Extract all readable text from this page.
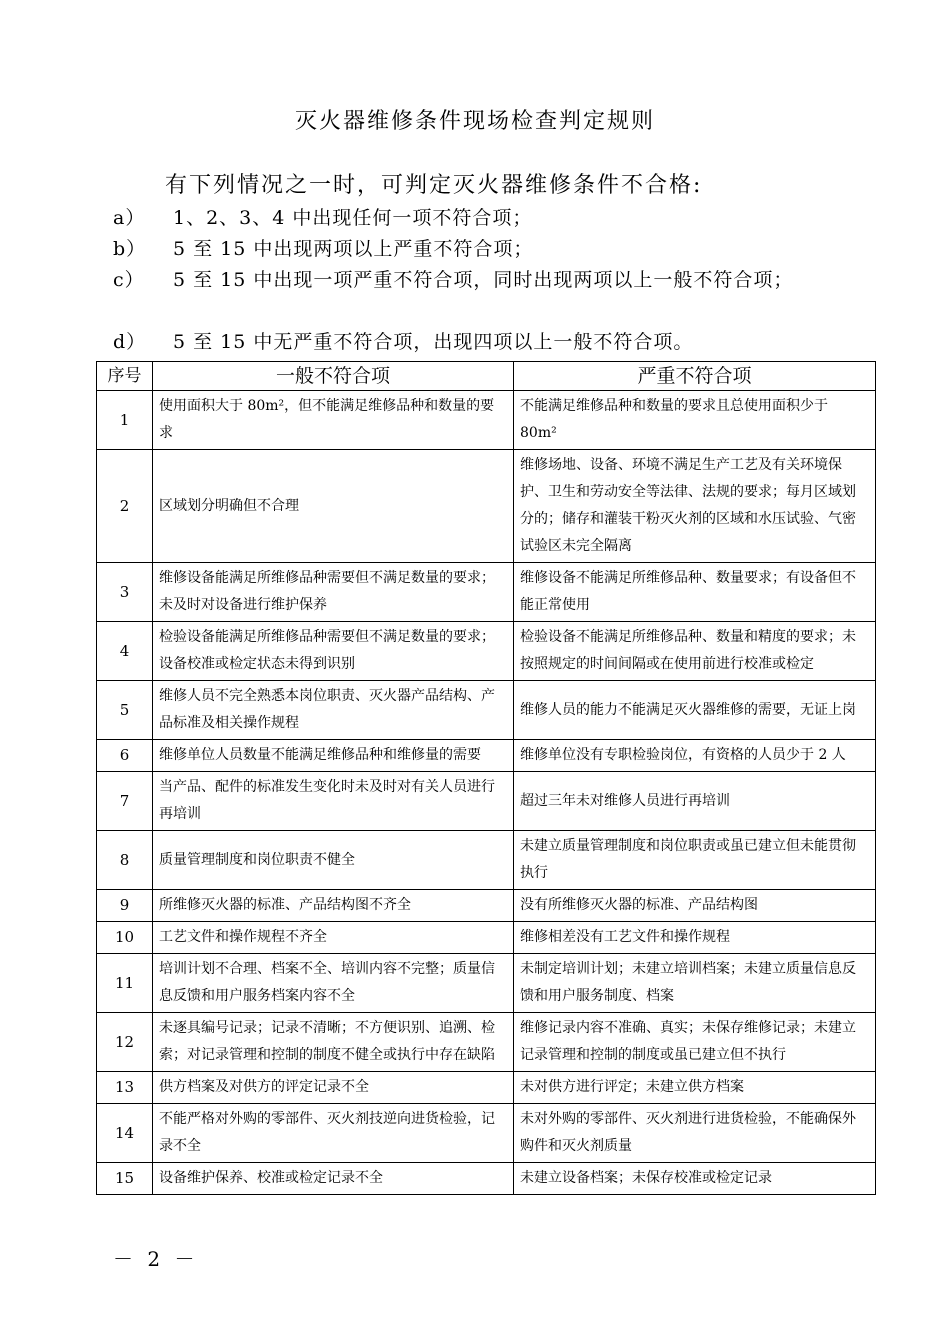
灭火器维修条件现场检查判定规则
有下列情况之一时，可判定灭火器维修条件不合格:
a）	1、2、3、4 中出现任何一项不符合项；
b）	5 至 15 中出现两项以上严重不符合项；
c）	5 至 15 中出现一项严重不符合项，同时出现两项以上一般不符合项；
d）	5 至 15 中无严重不符合项，出现四项以上一般不符合项。
序号	一般不符合项	严重不符合项
1	使用面积大于 80m²，但不能满足维修品种和数量的要求	不能满足维修品种和数量的要求且总使用面积少于 80m²
2	区域划分明确但不合理	维修场地、设备、环境不满足生产工艺及有关环境保护、卫生和劳动安全等法律、法规的要求；每月区域划分的；储存和灌装干粉灭火剂的区域和水压试验、气密试验区未完全隔离
3	维修设备能满足所维修品种需要但不满足数量的要求；未及时对设备进行维护保养	维修设备不能满足所维修品种、数量要求；有设备但不能正常使用
4	检验设备能满足所维修品种需要但不满足数量的要求；设备校准或检定状态未得到识别	检验设备不能满足所维修品种、数量和精度的要求；未按照规定的时间间隔或在使用前进行校准或检定
5	维修人员不完全熟悉本岗位职责、灭火器产品结构、产品标准及相关操作规程	维修人员的能力不能满足灭火器维修的需要，无证上岗
6	维修单位人员数量不能满足维修品种和维修量的需要	维修单位没有专职检验岗位，有资格的人员少于 2 人
7	当产品、配件的标准发生变化时未及时对有关人员进行再培训	超过三年未对维修人员进行再培训
8	质量管理制度和岗位职责不健全	未建立质量管理制度和岗位职责或虽已建立但未能贯彻执行
9	所维修灭火器的标准、产品结构图不齐全	没有所维修灭火器的标准、产品结构图
10	工艺文件和操作规程不齐全	维修相差没有工艺文件和操作规程
11	培训计划不合理、档案不全、培训内容不完整；质量信息反馈和用户服务档案内容不全	未制定培训计划；未建立培训档案；未建立质量信息反馈和用户服务制度、档案
12	未逐具编号记录；记录不清晰；不方便识别、追溯、检索；对记录管理和控制的制度不健全或执行中存在缺陷	维修记录内容不准确、真实；未保存维修记录；未建立记录管理和控制的制度或虽已建立但不执行
13	供方档案及对供方的评定记录不全	未对供方进行评定；未建立供方档案
14	不能严格对外购的零部件、灭火剂技逆向进货检验，记录不全	未对外购的零部件、灭火剂进行进货检验，不能确保外购件和灭火剂质量
15	设备维护保养、校准或检定记录不全	未建立设备档案；未保存校准或检定记录
－ 2 －
